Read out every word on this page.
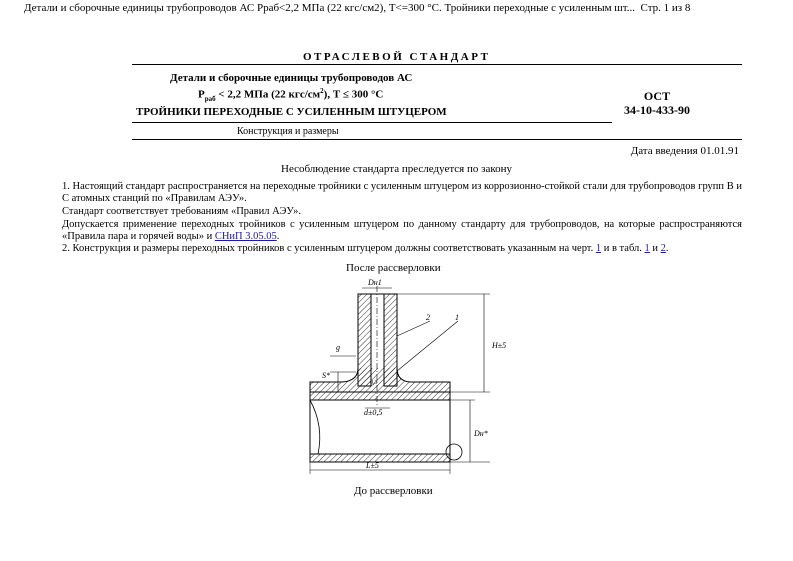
Детали и сборочные единицы трубопроводов АС Рраб<2,2 МПа (22 кгс/см2), Т<=300 °С. Тройники переходные с усиленным шт... Стр. 1 из 8
ОТРАСЛЕВОЙ СТАНДАРТ
Детали и сборочные единицы трубопроводов АС
$P_{раб} < 2,2$ МПа (22 кгс/$см^2$), Т ≤ 300 °С
ТРОЙНИКИ ПЕРЕХОДНЫЕ С УСИЛЕННЫМ ШТУЦЕРОМ
ОСТ
34-10-433-90
Конструкция и размеры
Дата введения 01.01.91
Несоблюдение стандарта преследуется по закону
1. Настоящий стандарт распространяется на переходные тройники с усиленным штуцером из коррозионно-стойкой стали для трубопроводов групп В и С атомных станций по «Правилам АЭУ».
Стандарт соответствует требованиям «Правил АЭУ».
Допускается применение переходных тройников с усиленным штуцером по данному стандарту для трубопроводов, на которые распространяются «Правила пара и горячей воды» и СНиП 3.05.05.
2. Конструкция и размеры переходных тройников с усиленным штуцером должны соответствовать указанным на черт. 1 и в табл. 1 и 2.
После рассверловки
Dн1
2	1
g
S*
H±5
0,3
d±0,5
Dн*
L±5
До рассверловки
